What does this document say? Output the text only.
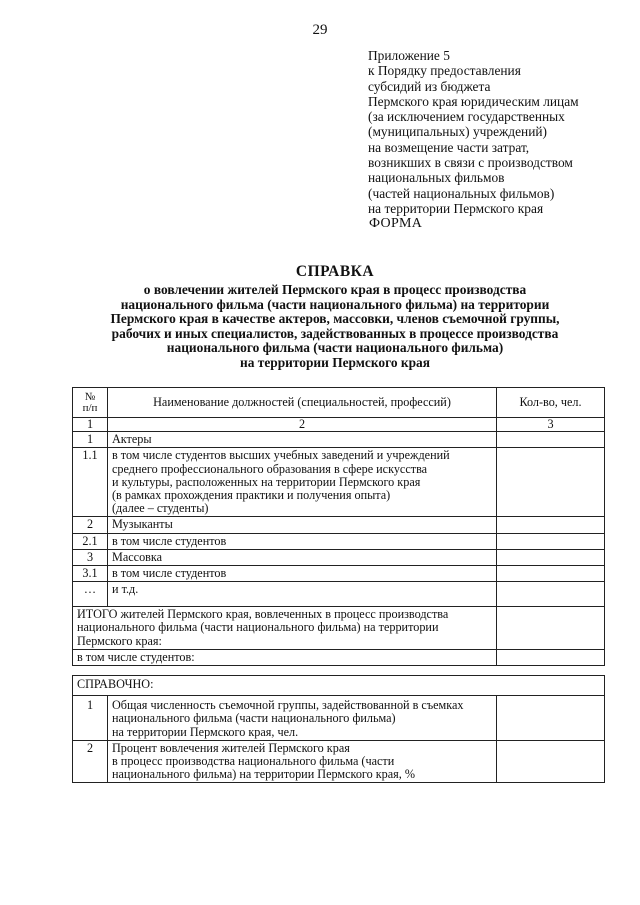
29
Приложение 5
к Порядку предоставления
субсидий из бюджета
Пермского края юридическим лицам
(за исключением государственных
(муниципальных) учреждений)
на возмещение части затрат,
возникших в связи с производством
национальных фильмов
(частей национальных фильмов)
на территории Пермского края
ФОРМА
СПРАВКА
о вовлечении жителей Пермского края в процесс производства
национального фильма (части национального фильма) на территории
Пермского края в качестве актеров, массовки, членов съемочной группы,
рабочих и иных специалистов, задействованных в процессе производства
национального фильма (части национального фильма)
на территории Пермского края
№
п/п	Наименование должностей (специальностей, профессий)	Кол-во, чел.
1	2	3
1	Актеры	

1.1	в том числе студентов высших учебных заведений и учреждений
среднего профессионального образования в сфере искусства
и культуры, расположенных на территории Пермского края
(в рамках прохождения практики и получения опыта)
(далее – студенты)	

2	Музыканты	

2.1	в том числе студентов	

3	Массовка	

3.1	в том числе студентов	

…	и т.д.	

ИТОГО жителей Пермского края, вовлеченных в процесс производства
национального фильма (части национального фильма) на территории
Пермского края:		

в том числе студентов:		
СПРАВОЧНО:		
1	Общая численность съемочной группы, задействованной в съемках
национального фильма (части национального фильма)
на территории Пермского края, чел.	

2	Процент вовлечения жителей Пермского края
в процесс производства национального фильма (части
национального фильма) на территории Пермского края, %	
